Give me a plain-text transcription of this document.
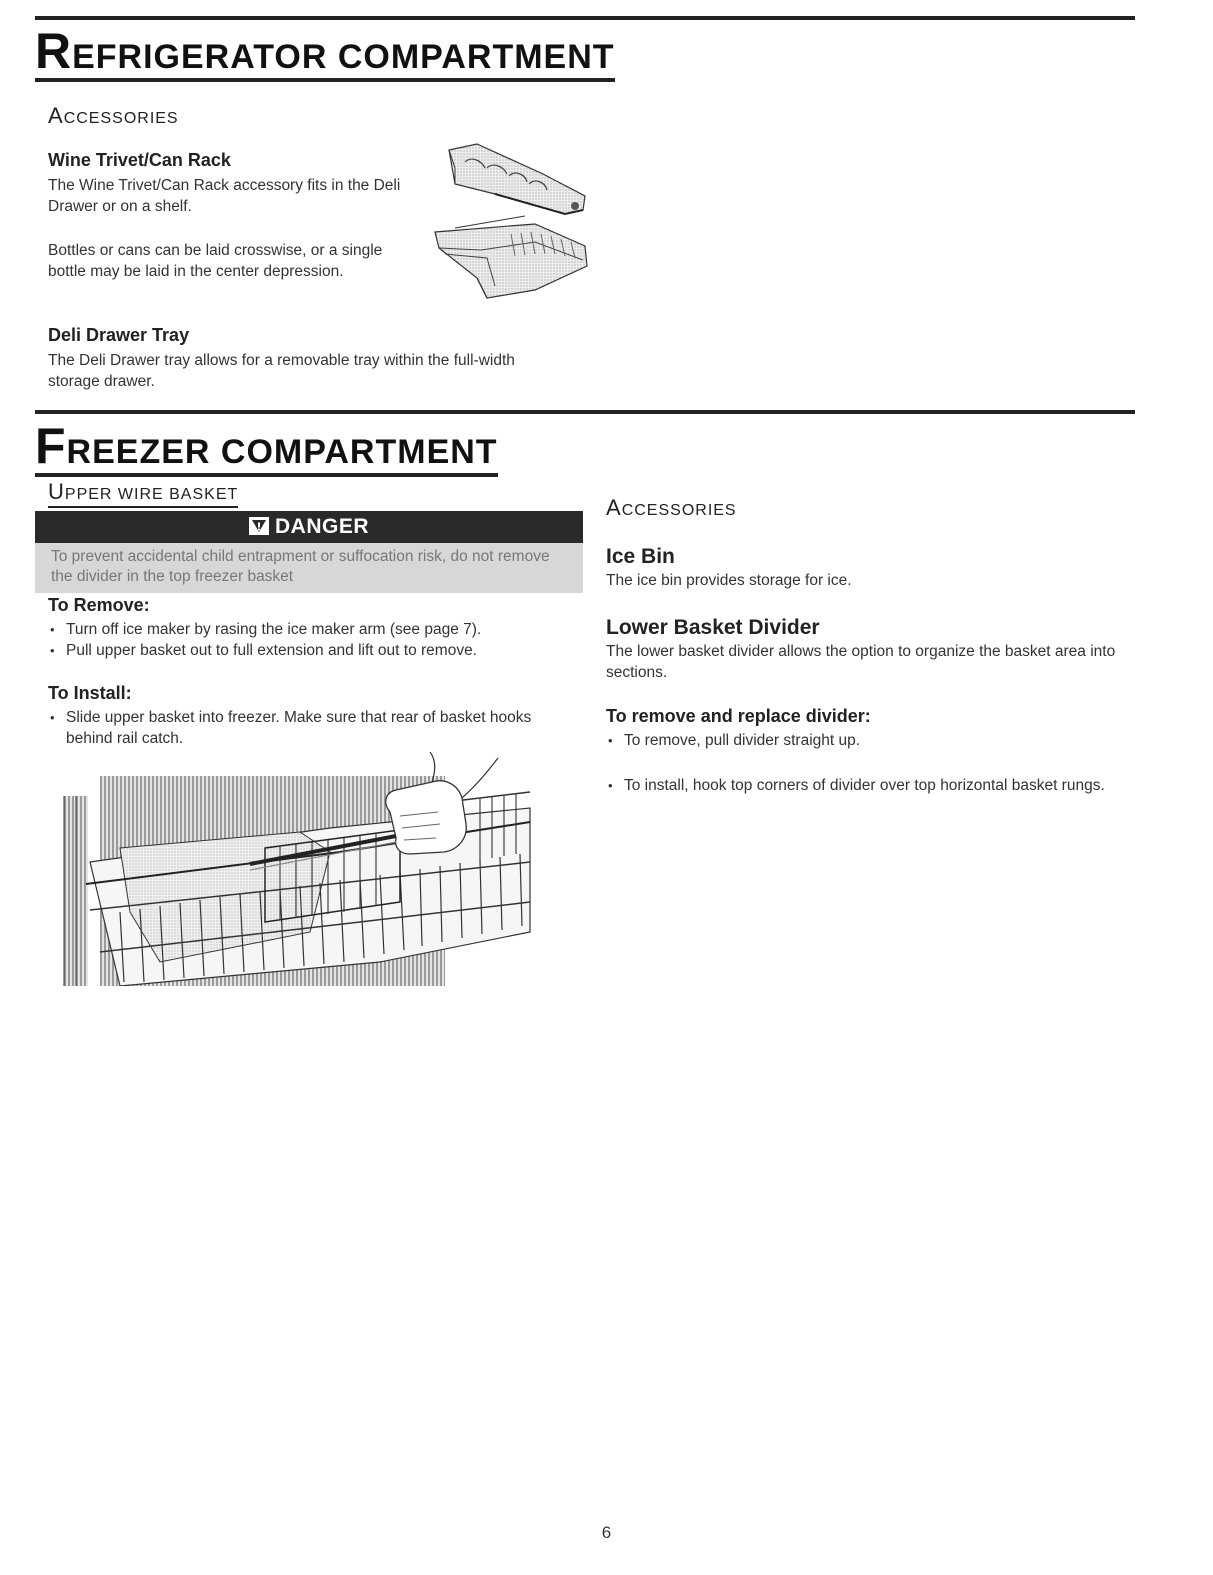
REFRIGERATOR COMPARTMENT
ACCESSORIES
Wine Trivet/Can Rack
The Wine Trivet/Can Rack accessory fits in the Deli Drawer or on a shelf.
Bottles or cans can be laid crosswise, or a single bottle may be laid in the center depression.
Deli Drawer Tray
The Deli Drawer tray allows for a removable tray within the full-width storage drawer.
FREEZER COMPARTMENT
UPPER WIRE BASKET
DANGER
To prevent accidental child entrapment or suffocation risk, do not remove the divider in the top freezer basket
To Remove:
• Turn off ice maker by rasing the ice maker arm (see page 7).
• Pull upper basket out to full extension and lift out to remove.
To Install:
• Slide upper basket into freezer. Make sure that rear of basket hooks behind rail catch.
ACCESSORIES
Ice Bin
The ice bin provides storage for ice.
Lower Basket Divider
The lower basket divider allows the option to organize the basket area into sections.
To remove and replace divider:
• To remove, pull divider straight up.
• To install, hook top corners of divider over top horizontal basket rungs.
6
